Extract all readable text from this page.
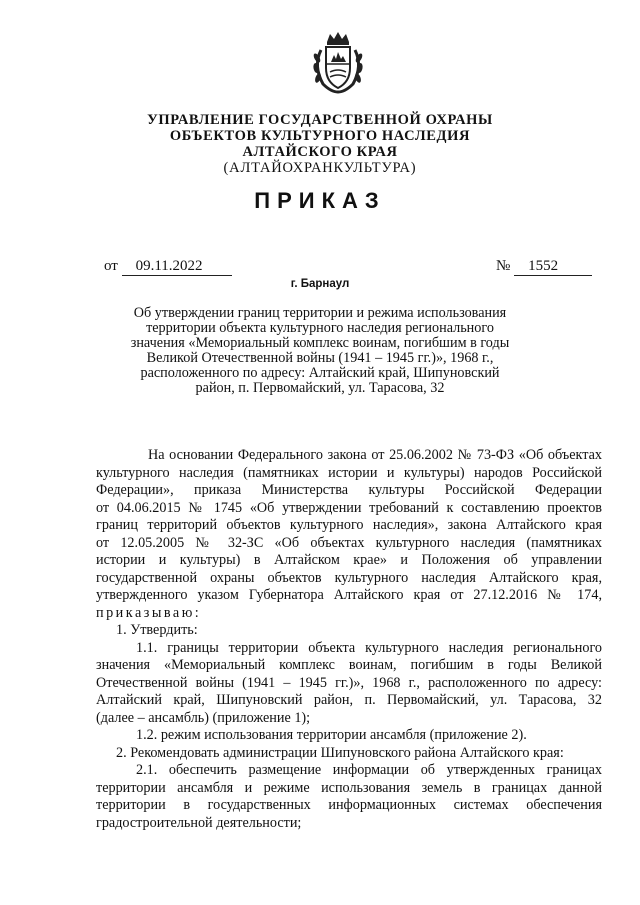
УПРАВЛЕНИЕ ГОСУДАРСТВЕННОЙ ОХРАНЫ
ОБЪЕКТОВ КУЛЬТУРНОГО НАСЛЕДИЯ
АЛТАЙСКОГО КРАЯ
(АЛТАЙОХРАНКУЛЬТУРА)
ПРИКАЗ
от 09.11.2022	№ 1552
г. Барнаул
Об утверждении границ территории и режима использования
территории объекта культурного наследия регионального
значения «Мемориальный комплекс воинам, погибшим в годы
Великой Отечественной войны (1941 – 1945 гг.)», 1968 г.,
расположенного по адресу: Алтайский край, Шипуновский
район, п. Первомайский, ул. Тарасова, 32
На основании Федерального закона от 25.06.2002 № 73-ФЗ «Об объектах
культурного наследия (памятниках истории и культуры) народов Российской
Федерации», приказа Министерства культуры Российской Федерации
от 04.06.2015 № 1745 «Об утверждении требований к составлению проектов
границ территорий объектов культурного наследия», закона Алтайского края
от 12.05.2005 № 32-ЗС «Об объектах культурного наследия (памятниках
истории и культуры) в Алтайском крае» и Положения об управлении
государственной охраны объектов культурного наследия Алтайского края,
утвержденного указом Губернатора Алтайского края от 27.12.2016 № 174,
приказываю:
1. Утвердить:
1.1. границы территории объекта культурного наследия регионального
значения «Мемориальный комплекс воинам, погибшим в годы Великой
Отечественной войны (1941 – 1945 гг.)», 1968 г., расположенного по адресу:
Алтайский край, Шипуновский район, п. Первомайский, ул. Тарасова, 32
(далее – ансамбль) (приложение 1);
1.2. режим использования территории ансамбля (приложение 2).
2. Рекомендовать администрации Шипуновского района Алтайского края:
2.1. обеспечить размещение информации об утвержденных границах
территории ансамбля и режиме использования земель в границах данной
территории в государственных информационных системах обеспечения
градостроительной деятельности;
